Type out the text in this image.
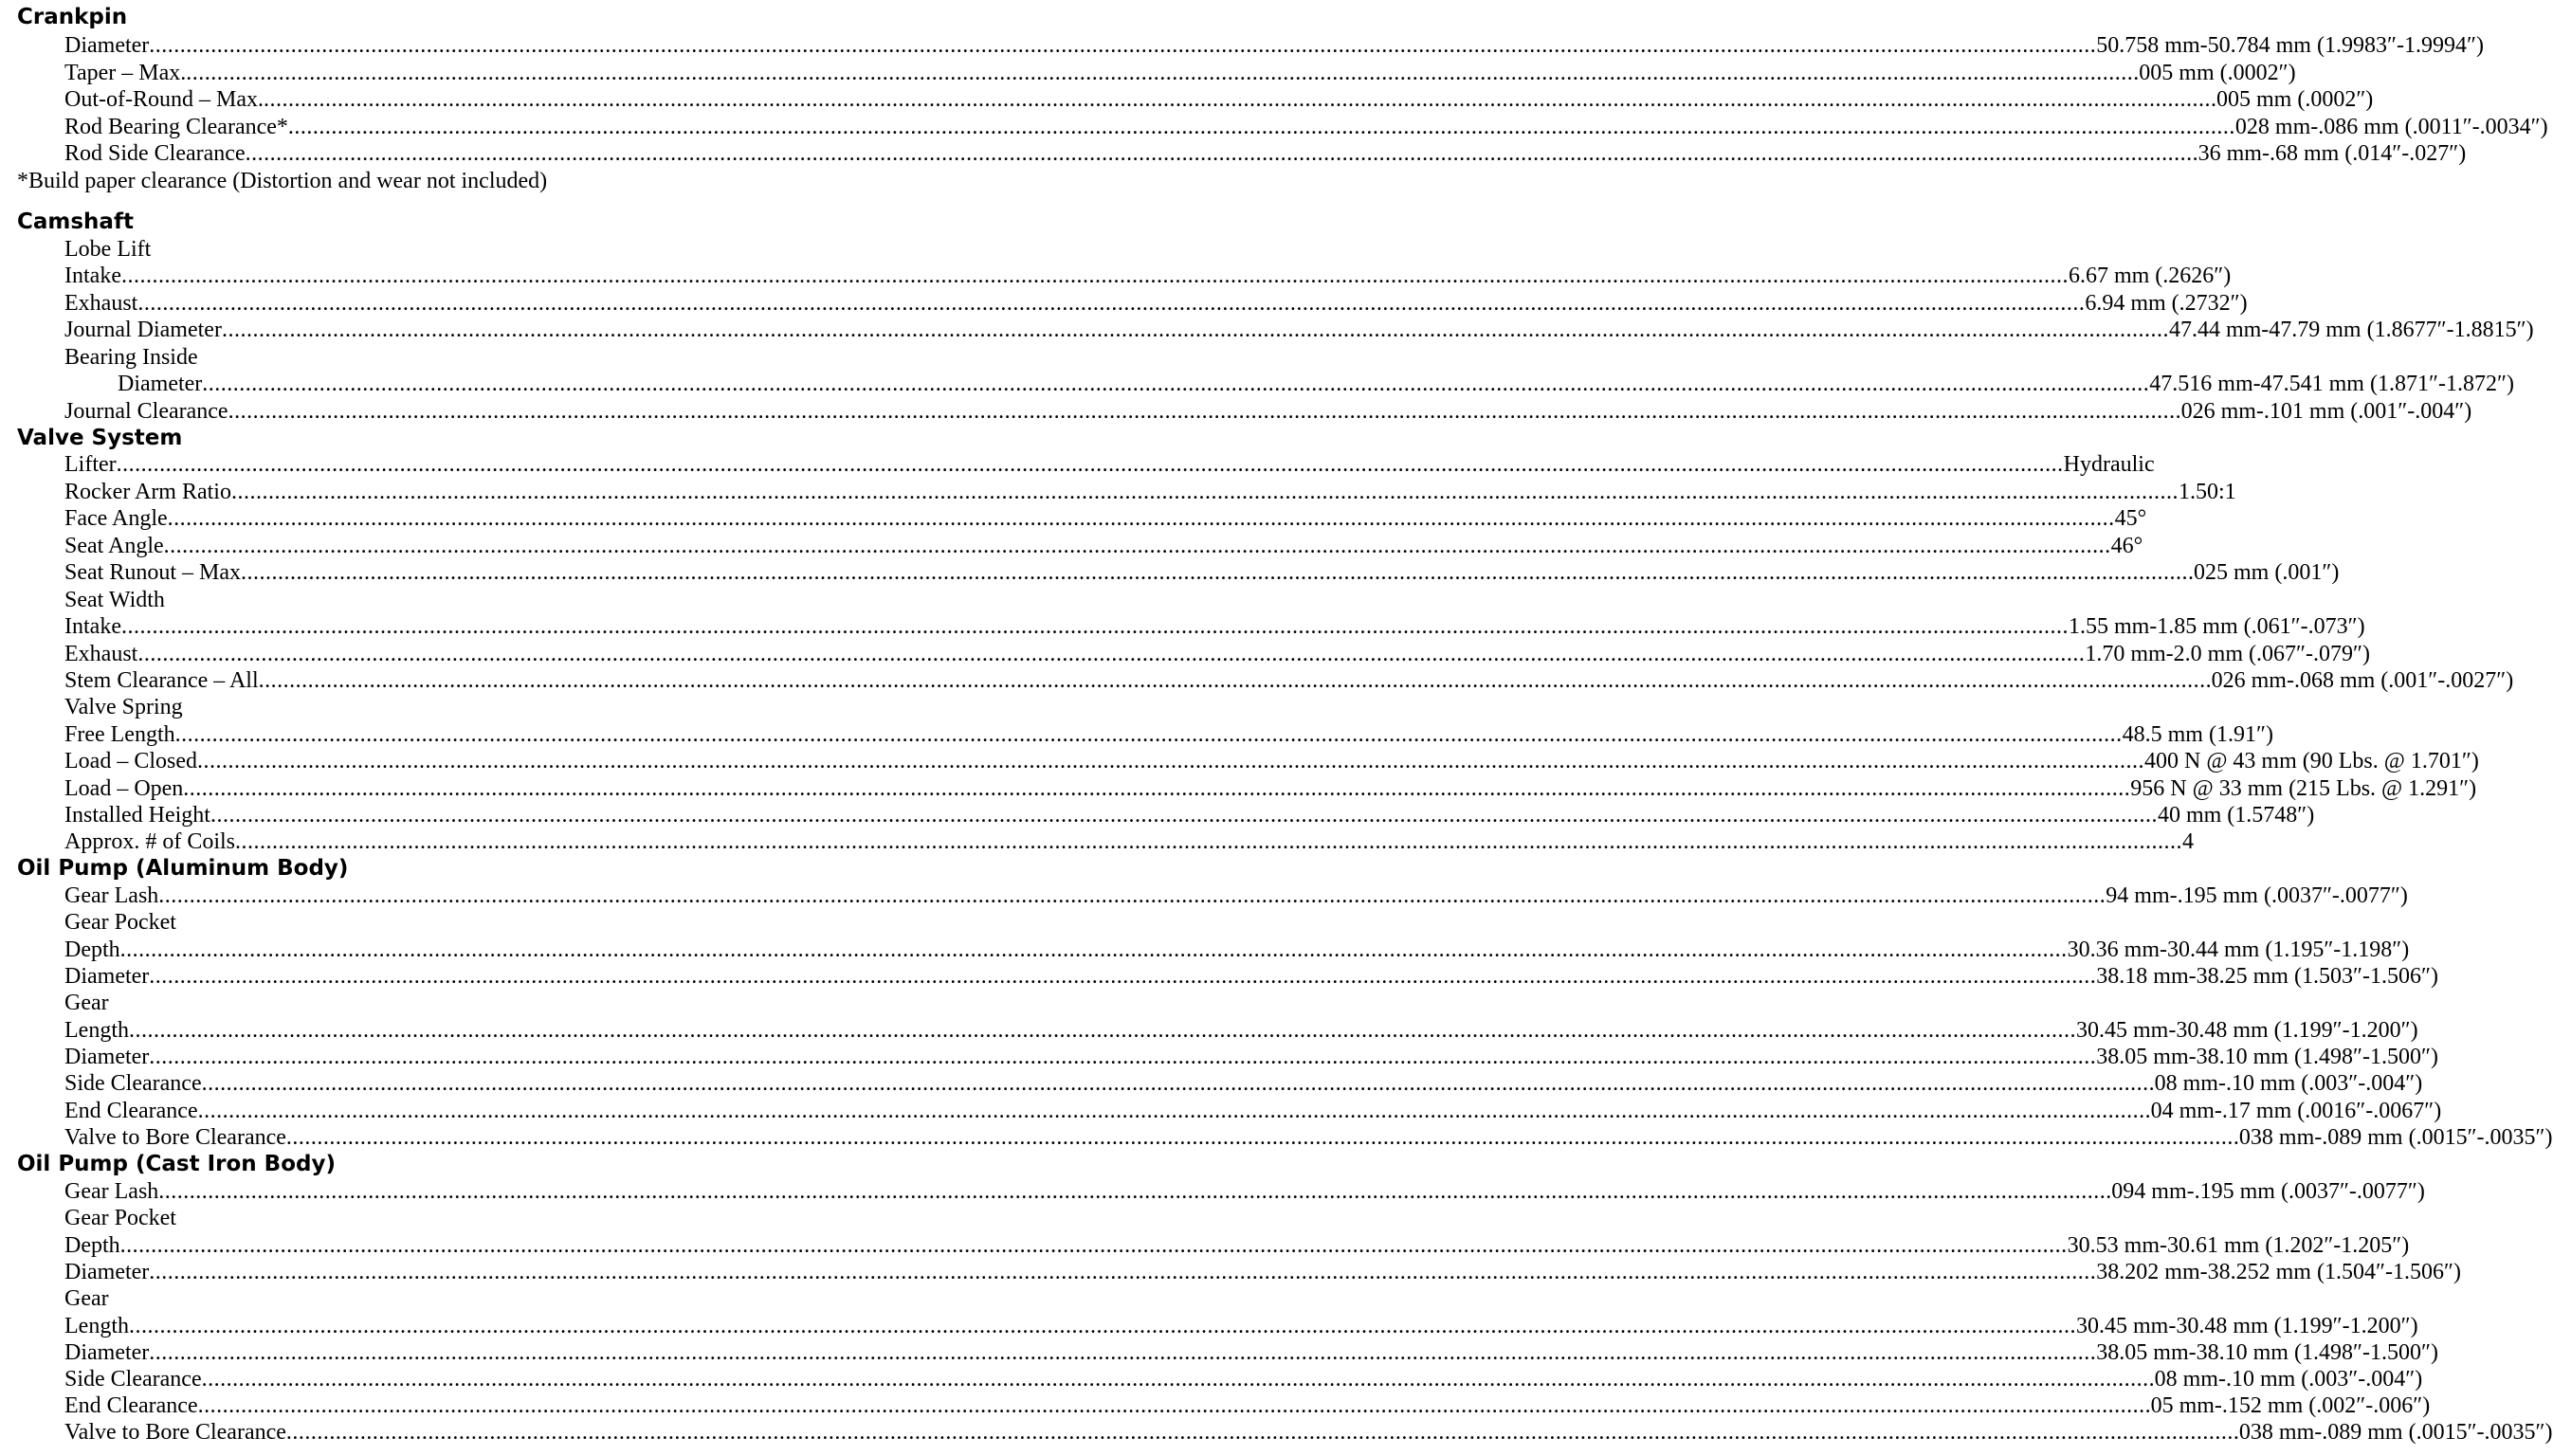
Crankpin
Diameter ............................................................................................................................................................................................................................................................................................................................ 50.758 mm-50.784 mm (1.9983″-1.9994″)
Taper – Max. ............................................................................................................................................................................................................................................................................................................................ .005 mm (.0002″)
Out-of-Round – Max. ............................................................................................................................................................................................................................................................................................................................ .005 mm (.0002″)
Rod Bearing Clearance* ............................................................................................................................................................................................................................................................................................................................ 028 mm-.086 mm (.0011″-.0034″)
Rod Side Clearance ............................................................................................................................................................................................................................................................................................................................ .36 mm-.68 mm (.014″-.027″)
*Build paper clearance (Distortion and wear not included)
Camshaft
Lobe Lift
Intake ............................................................................................................................................................................................................................................................................................................................ 6.67 mm (.2626″)
Exhaust ............................................................................................................................................................................................................................................................................................................................ 6.94 mm (.2732″)
Journal Diameter ............................................................................................................................................................................................................................................................................................................................ 47.44 mm-47.79 mm (1.8677″-1.8815″)
Bearing Inside
Diameter ............................................................................................................................................................................................................................................................................................................................ 47.516 mm-47.541 mm (1.871″-1.872″)
Journal Clearance ............................................................................................................................................................................................................................................................................................................................ .026 mm-.101 mm (.001″-.004″)
Valve System
Lifter ............................................................................................................................................................................................................................................................................................................................ Hydraulic
Rocker Arm Ratio ............................................................................................................................................................................................................................................................................................................................ 1.50:1
Face Angle ............................................................................................................................................................................................................................................................................................................................ 45°
Seat Angle ............................................................................................................................................................................................................................................................................................................................ 46°
Seat Runout – Max ............................................................................................................................................................................................................................................................................................................................ .025 mm (.001″)
Seat Width
Intake ............................................................................................................................................................................................................................................................................................................................ 1.55 mm-1.85 mm (.061″-.073″)
Exhaust ............................................................................................................................................................................................................................................................................................................................ 1.70 mm-2.0 mm (.067″-.079″)
Stem Clearance – All ............................................................................................................................................................................................................................................................................................................................ .026 mm-.068 mm (.001″-.0027″)
Valve Spring
Free Length ............................................................................................................................................................................................................................................................................................................................ 48.5 mm (1.91″)
Load – Closed ............................................................................................................................................................................................................................................................................................................................ 400 N @ 43 mm (90 Lbs. @ 1.701″)
Load – Open ............................................................................................................................................................................................................................................................................................................................ 956 N @ 33 mm (215 Lbs. @ 1.291″)
Installed Height ............................................................................................................................................................................................................................................................................................................................ 40 mm (1.5748″)
Approx. # of Coils ............................................................................................................................................................................................................................................................................................................................ 4
Oil Pump (Aluminum Body)
Gear Lash ............................................................................................................................................................................................................................................................................................................................ 94 mm-.195 mm (.0037″-.0077″)
Gear Pocket
Depth ............................................................................................................................................................................................................................................................................................................................ 30.36 mm-30.44 mm (1.195″-1.198″)
Diameter ............................................................................................................................................................................................................................................................................................................................ 38.18 mm-38.25 mm (1.503″-1.506″)
Gear
Length ............................................................................................................................................................................................................................................................................................................................ 30.45 mm-30.48 mm (1.199″-1.200″)
Diameter ............................................................................................................................................................................................................................................................................................................................ 38.05 mm-38.10 mm (1.498″-1.500″)
Side Clearance ............................................................................................................................................................................................................................................................................................................................ .08 mm-.10 mm (.003″-.004″)
End Clearance ............................................................................................................................................................................................................................................................................................................................ .04 mm-.17 mm (.0016″-.0067″)
Valve to Bore Clearance ............................................................................................................................................................................................................................................................................................................................ .038 mm-.089 mm (.0015″-.0035″)
Oil Pump (Cast Iron Body)
Gear Lash ............................................................................................................................................................................................................................................................................................................................ .094 mm-.195 mm (.0037″-.0077″)
Gear Pocket
Depth ............................................................................................................................................................................................................................................................................................................................ 30.53 mm-30.61 mm (1.202″-1.205″)
Diameter ............................................................................................................................................................................................................................................................................................................................ 38.202 mm-38.252 mm (1.504″-1.506″)
Gear
Length ............................................................................................................................................................................................................................................................................................................................ 30.45 mm-30.48 mm (1.199″-1.200″)
Diameter ............................................................................................................................................................................................................................................................................................................................ 38.05 mm-38.10 mm (1.498″-1.500″)
Side Clearance ............................................................................................................................................................................................................................................................................................................................ .08 mm-.10 mm (.003″-.004″)
End Clearance ............................................................................................................................................................................................................................................................................................................................ .05 mm-.152 mm (.002″-.006″)
Valve to Bore Clearance ............................................................................................................................................................................................................................................................................................................................ .038 mm-.089 mm (.0015″-.0035″)
